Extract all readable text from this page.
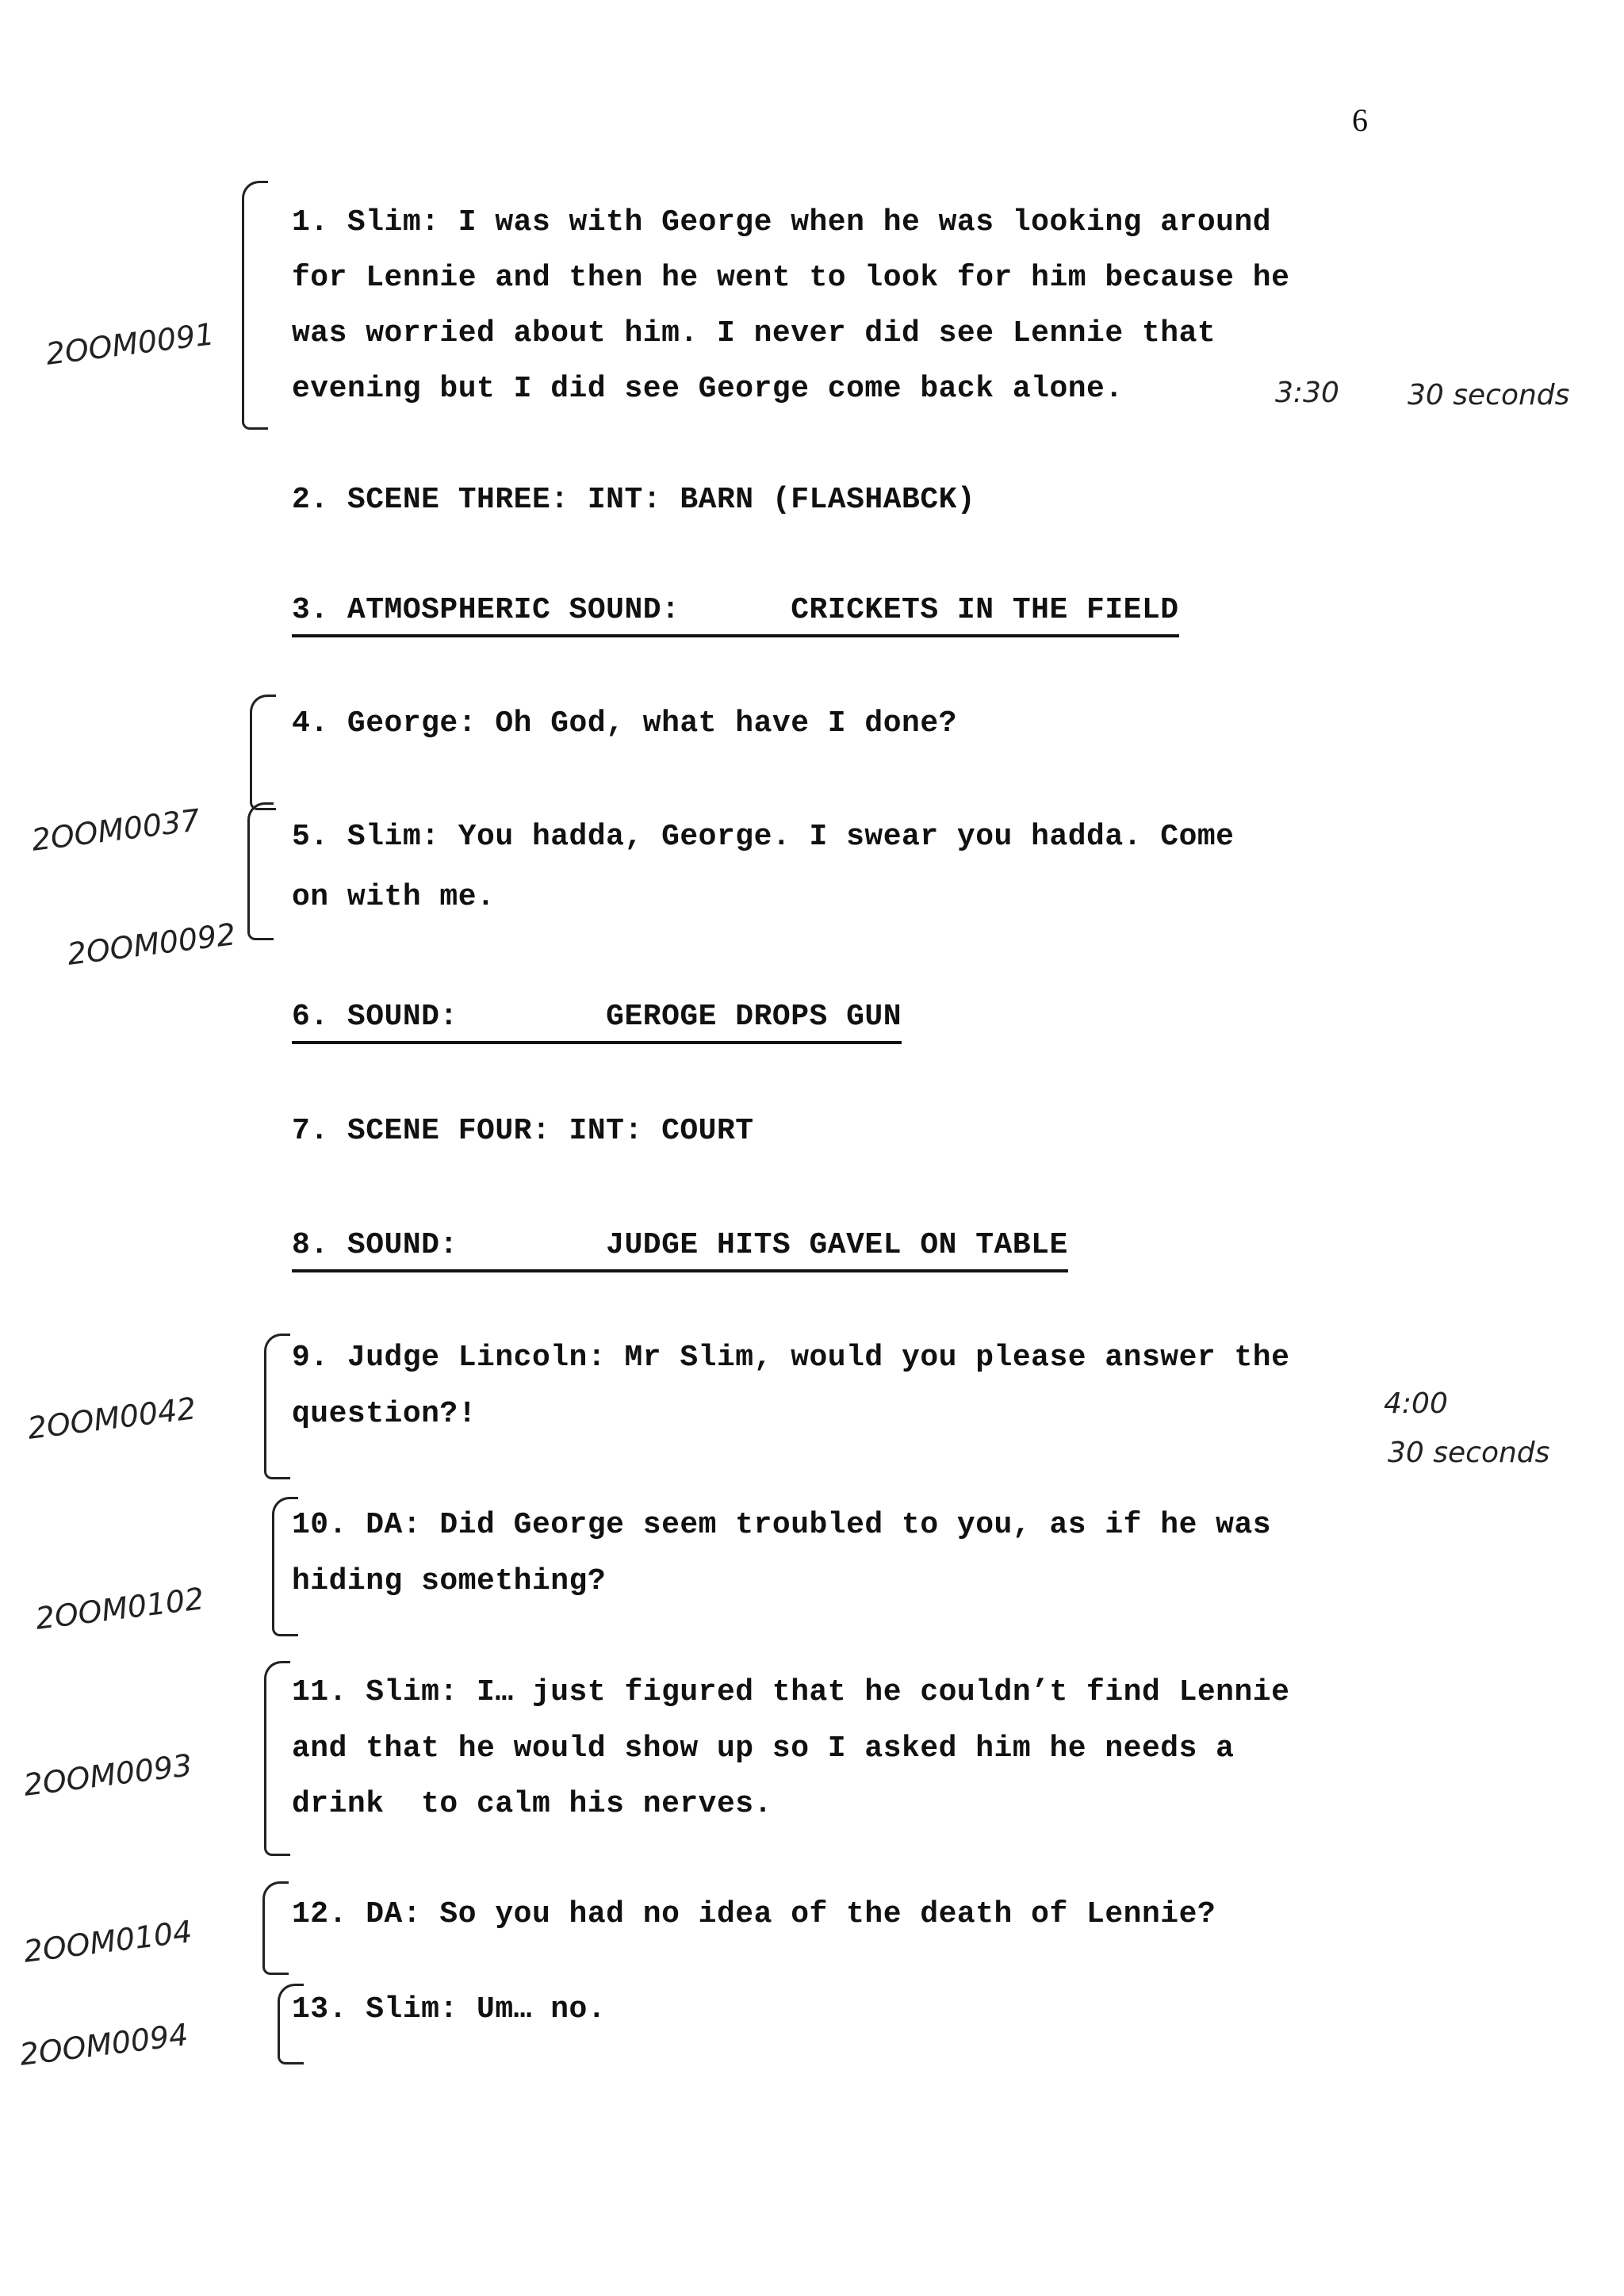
6
1. Slim: I was with George when he was looking around
for Lennie and then he went to look for him because he
was worried about him. I never did see Lennie that
evening but I did see George come back alone.
2. SCENE THREE: INT: BARN (FLASHABCK)
3. ATMOSPHERIC SOUND:      CRICKETS IN THE FIELD
4. George: Oh God, what have I done?
5. Slim: You hadda, George. I swear you hadda. Come
on with me.
6. SOUND:        GEROGE DROPS GUN
7. SCENE FOUR: INT: COURT
8. SOUND:        JUDGE HITS GAVEL ON TABLE
9. Judge Lincoln: Mr Slim, would you please answer the
question?!
10. DA: Did George seem troubled to you, as if he was
hiding something?
11. Slim: I… just figured that he couldn’t find Lennie
and that he would show up so I asked him he needs a
drink  to calm his nerves.
12. DA: So you had no idea of the death of Lennie?
13. Slim: Um… no.
2OOM0091
2OOM0037
2OOM0092
2OOM0042
2OOM0102
2OOM0093
2OOM0104
2OOM0094
3:30 30 seconds
4:00
30 seconds
